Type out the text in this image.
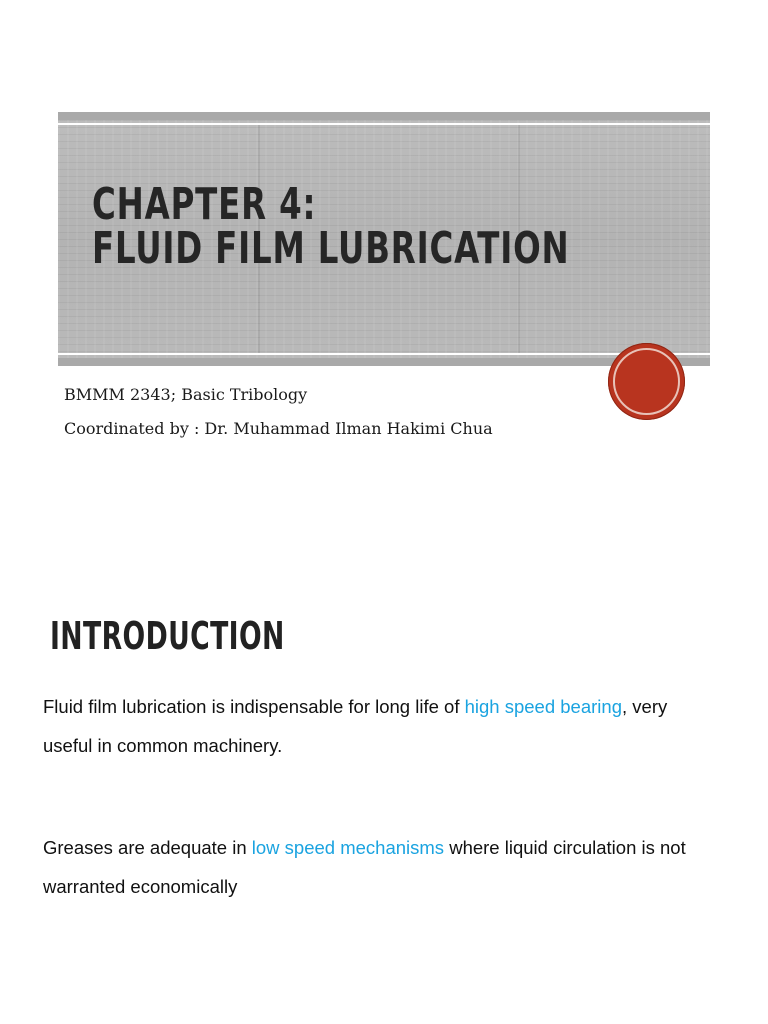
CHAPTER 4:
FLUID FILM LUBRICATION

BMMM 2343; Basic Tribology

Coordinated by : Dr. Muhammad Ilman Hakimi Chua

INTRODUCTION

Fluid film lubrication is indispensable for long life of high speed bearing, very useful in common machinery.

Greases are adequate in low speed mechanisms where liquid circulation is not warranted economically
